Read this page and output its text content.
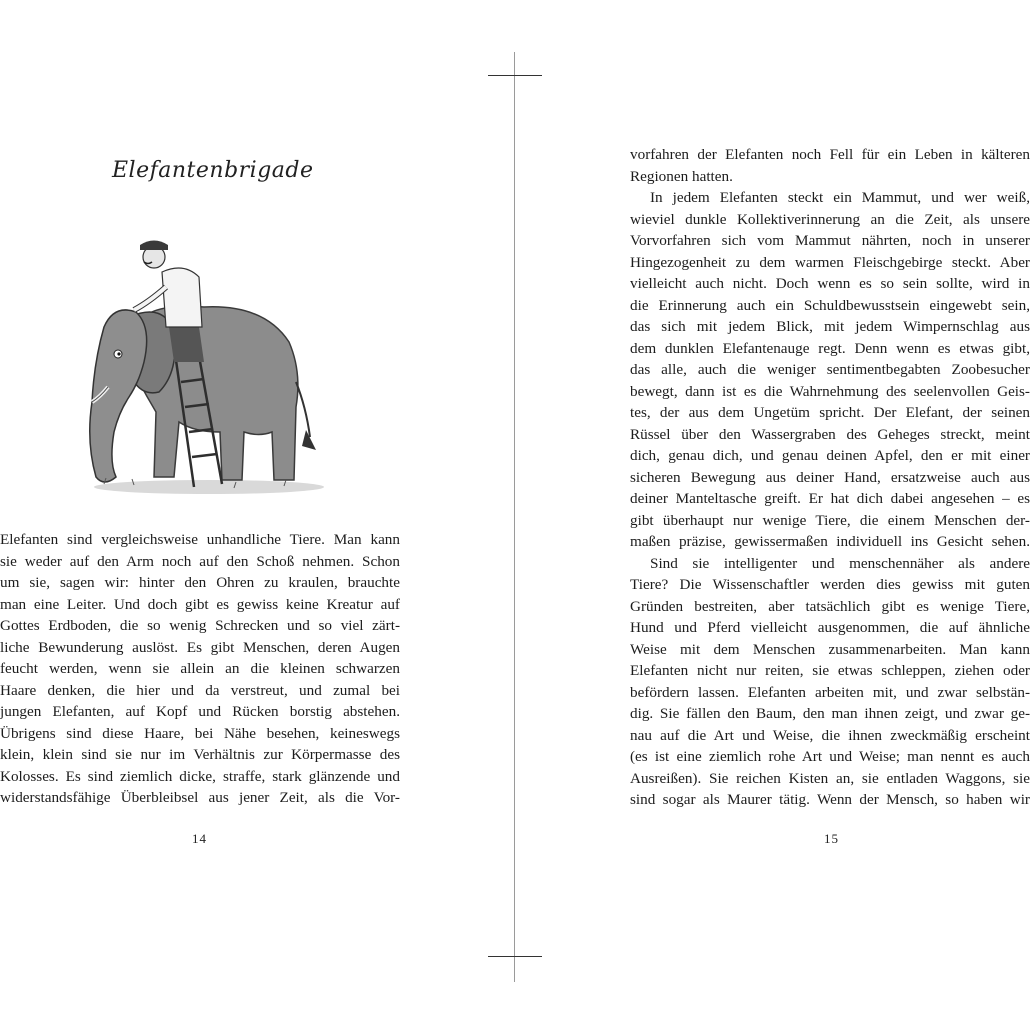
Elefantenbrigade
Elefanten sind vergleichsweise unhandliche Tiere. Man kann
sie weder auf den Arm noch auf den Schoß nehmen. Schon
um sie, sagen wir: hinter den Ohren zu kraulen, brauchte
man eine Leiter. Und doch gibt es gewiss keine Kreatur auf
Gottes Erdboden, die so wenig Schrecken und so viel zärt-
liche Bewunderung auslöst. Es gibt Menschen, deren Augen
feucht werden, wenn sie allein an die kleinen schwarzen
Haare denken, die hier und da verstreut, und zumal bei
jungen Elefanten, auf Kopf und Rücken borstig abstehen.
Übrigens sind diese Haare, bei Nähe besehen, keineswegs
klein, klein sind sie nur im Verhältnis zur Körpermasse des
Kolosses. Es sind ziemlich dicke, straffe, stark glänzende und
widerstandsfähige Überbleibsel aus jener Zeit, als die Vor-
14
vorfahren der Elefanten noch Fell für ein Leben in kälteren
Regionen hatten.
In jedem Elefanten steckt ein Mammut, und wer weiß,
wieviel dunkle Kollektiverinnerung an die Zeit, als unsere
Vorvorfahren sich vom Mammut nährten, noch in unserer
Hingezogenheit zu dem warmen Fleischgebirge steckt. Aber
vielleicht auch nicht. Doch wenn es so sein sollte, wird in
die Erinnerung auch ein Schuldbewusstsein eingewebt sein,
das sich mit jedem Blick, mit jedem Wimpernschlag aus
dem dunklen Elefantenauge regt. Denn wenn es etwas gibt,
das alle, auch die weniger sentimentbegabten Zoobesucher
bewegt, dann ist es die Wahrnehmung des seelenvollen Geis-
tes, der aus dem Ungetüm spricht. Der Elefant, der seinen
Rüssel über den Wassergraben des Geheges streckt, meint
dich, genau dich, und genau deinen Apfel, den er mit einer
sicheren Bewegung aus deiner Hand, ersatzweise auch aus
deiner Manteltasche greift. Er hat dich dabei angesehen – es
gibt überhaupt nur wenige Tiere, die einem Menschen der-
maßen präzise, gewissermaßen individuell ins Gesicht sehen.
Sind sie intelligenter und menschennäher als andere
Tiere? Die Wissenschaftler werden dies gewiss mit guten
Gründen bestreiten, aber tatsächlich gibt es wenige Tiere,
Hund und Pferd vielleicht ausgenommen, die auf ähnliche
Weise mit dem Menschen zusammenarbeiten. Man kann
Elefanten nicht nur reiten, sie etwas schleppen, ziehen oder
befördern lassen. Elefanten arbeiten mit, und zwar selbstän-
dig. Sie fällen den Baum, den man ihnen zeigt, und zwar ge-
nau auf die Art und Weise, die ihnen zweckmäßig erscheint
(es ist eine ziemlich rohe Art und Weise; man nennt es auch
Ausreißen). Sie reichen Kisten an, sie entladen Waggons, sie
sind sogar als Maurer tätig. Wenn der Mensch, so haben wir
15
